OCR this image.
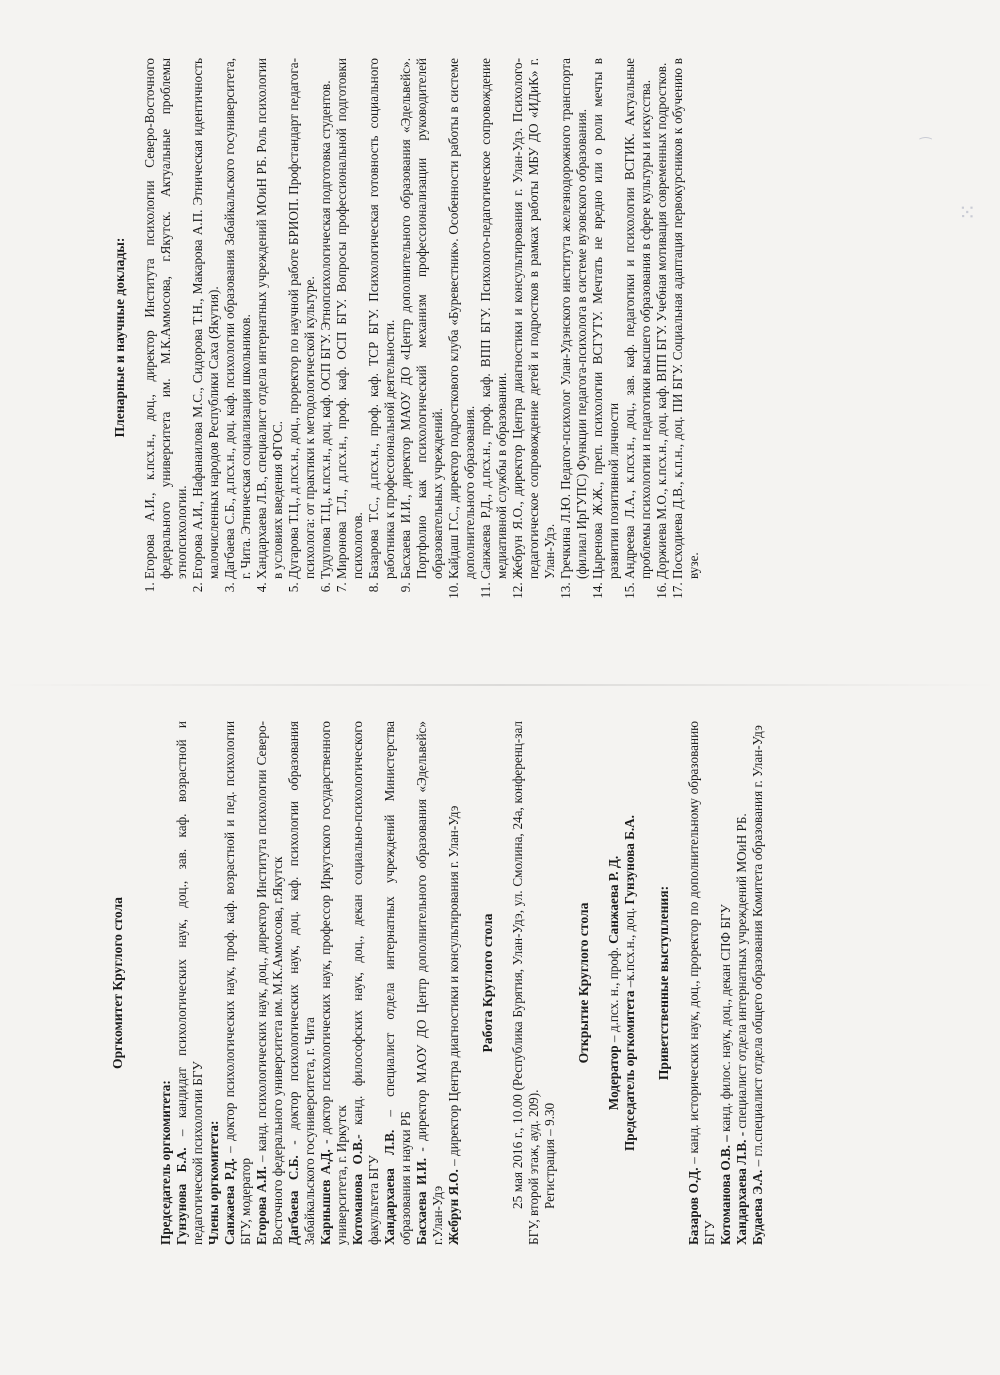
⁙
⁀
Оргкомитет Круглого стола

Председатель оргкомитета: Гунзунова Б.А. – кандидат психологических наук, доц., зав. каф. возрастной и педагогической психологии БГУ Члены оргкомитета: Санжаева Р.Д. – доктор психологических наук, проф. каф. возрастной и пед. психологии БГУ, модератор Егорова А.И. – канд. психологических наук, доц., директор Института психологии Северо-Восточного федерального университета им. М.К.Аммосова, г.Якутск Дагбаева С.Б. - доктор психологических наук, доц. каф. психологии образования Забайкальского госуниверситета, г. Чита Карнышев А.Д. - доктор психологических наук, профессор Иркутского государственного университета, г. Иркутск Котоманова О.В.- канд. философских наук, доц., декан социально-психологического факультета БГУ Хандархаева Л.В. – специалист отдела интернатных учреждений Министерства образования и науки РБ Басхаева И.И. - директор МАОУ ДО Центр дополнительного образования «Эдельвейс» г.Улан-Удэ Жебрун Я.О. – директор Центра диагностики и консультирования г. Улан-Удэ Работа Круглого стола 25 мая 2016 г., 10.00 (Республика Бурятия, Улан-Удэ, ул. Смолина, 24а, конференц-зал БГУ, второй этаж, ауд. 209). Регистрация – 9.30

Открытие Круглого стола

Модератор – д.псх. н., проф. Санжаева Р. Д.

Председатель оргкомитета –к.псх.н., доц. Гунзунова Б.А.

Приветственные выступления:

Базаров О.Д. – канд. исторических наук, доц., проректор по дополнительному образованию БГУ Котоманова О.В. – канд. филос. наук, доц., декан СПФ БГУ

Хандархаева Л.В. - специалист отдела интернатных учреждений МОиН РБ.

Будаева Э.А. – гл.специалист отдела общего образования Комитета образования г. Улан-Удэ

Пленарные и научные доклады: 1. Егорова А.И., к.псх.н., доц., директор Института психологии Северо-Восточного федерального университета им. М.К.Аммосова, г.Якутск. Актуальные проблемы этнопсихологии. 2. Егорова А.И., Нафанаилова М.С., Сидорова Т.Н., Макарова А.П. Этническая идентичность малочисленных народов Республики Саха (Якутия). 3. Дагбаева С.Б., д.псх.н., доц. каф. психологии образования Забайкальского госуниверситета, г. Чита. Этническая социализация школьников. 4. Хандархаева Л.В., специалист отдела интернатных учреждений МОиН РБ. Роль психологии в условиях введения ФГОС. 5. Дугарова Т.Ц., д.псх.н., доц., проректор по научной работе БРИОП. Профстандарт педагога-психолога: от практики к методологической культуре. 6. Тудупова Т.Ц., к.псх.н., доц. каф. ОСП БГУ. Этнопсихологическая подготовка студентов. 7. Миронова Т.Л., д.псх.н., проф. каф. ОСП БГУ. Вопросы профессиональной подготовки психологов. 8. Базарова Т.С., д.псх.н., проф. каф. ТСР БГУ. Психологическая готовность социального работника к профессиональной деятельности. 9. Басхаева И.И., директор МАОУ ДО «Центр дополнительного образования «Эдельвейс». Портфолио как психологический механизм профессионализации руководителей образовательных учреждений. 10. Кайдаш Г.С., директор подросткового клуба «Буревестник». Особенности работы в системе дополнительного образования. 11. Санжаева Р.Д., д.псх.н., проф. каф. ВПП БГУ. Психолого-педагогическое сопровождение медиативной службы в образовании. 12. Жебрун Я.О., директор Центра диагностики и консультирования г. Улан-Удэ. Психолого- педагогическое сопровождение детей и подростков в рамках работы МБУ ДО «ИДиК» г. Улан-Удэ. 13. Гречкина Л.Ю. Педагог-психолог Улан-Удэнского института железнодорожного транспорта (филиал ИрГУПС) Функции педагога-психолога в системе вузовского образования. 14. Цыренова Ж.Ж., преп. психологии ВСГУТУ. Мечтать не вредно или о роли мечты в развитии позитивной личности 15. Андреева Л.А., к.псх.н., доц., зав. каф. педагогики и психологии ВСГИК. Актуальные проблемы психологии и педагогики высшего образования в сфере культуры и искусства. 16. Доржиева М.О., к.псх.н., доц. каф. ВПП БГУ. Учебная мотивация современных подростков. 17. Посходиева Д.В., к.п.н., доц. ПИ БГУ. Социальная адаптация первокурсников к обучению в вузе.
